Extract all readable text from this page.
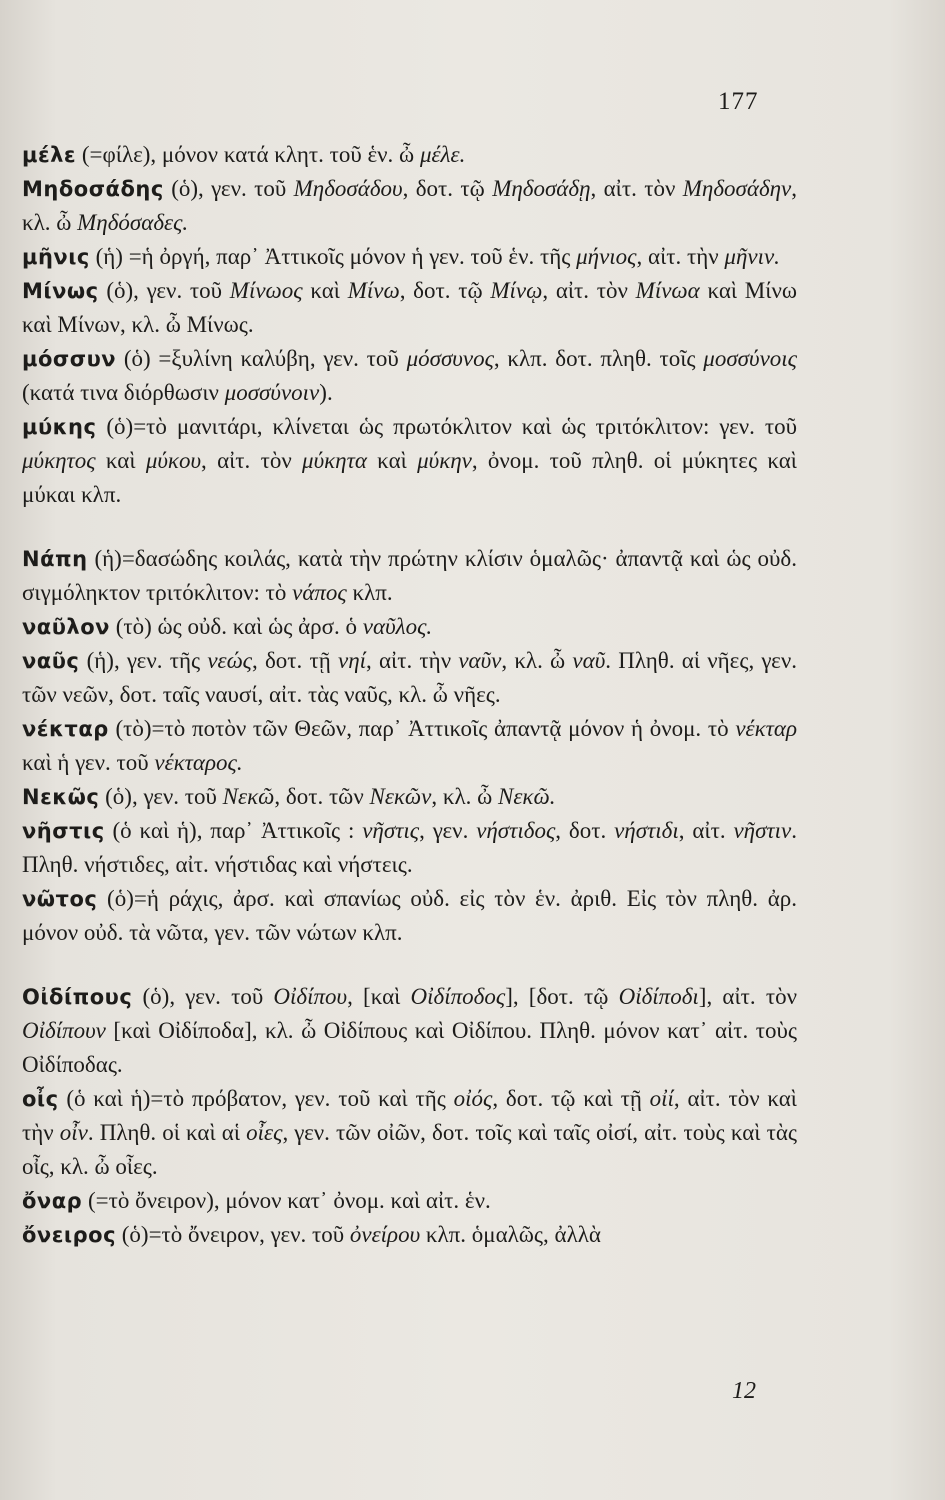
177
μέλε (=φίλε), μόνον κατά κλητ. τοῦ ἑν. ὦ μέλε.
Μηδοσάδης (ὁ), γεν. τοῦ Μηδοσάδου, δοτ. τῷ Μηδοσάδῃ, αἰτ. τὸν Μηδοσάδην, κλ. ὦ Μηδόσαδες.
μῆνις (ἡ) =ἡ ὀργή, παρ᾽ Ἀττικοῖς μόνον ἡ γεν. τοῦ ἑν. τῆς μήνιος, αἰτ. τὴν μῆνιν.
Μίνως (ὁ), γεν. τοῦ Μίνωος καὶ Μίνω, δοτ. τῷ Μίνῳ, αἰτ. τὸν Μίνωα καὶ Μίνω καὶ Μίνων, κλ. ὦ Μίνως.
μόσσυν (ὁ) =ξυλίνη καλύβη, γεν. τοῦ μόσσυνος, κλπ. δοτ. πληθ. τοῖς μοσσύνοις (κατά τινα διόρθωσιν μοσσύνοιν).
μύκης (ὁ)=τὸ μανιτάρι, κλίνεται ὡς πρωτόκλιτον καὶ ὡς τριτόκλιτον: γεν. τοῦ μύκητος καὶ μύκου, αἰτ. τὸν μύκητα καὶ μύκην, ὀνομ. τοῦ πληθ. οἱ μύκητες καὶ μύκαι κλπ.
Νάπη (ἡ)=δασώδης κοιλάς, κατὰ τὴν πρώτην κλίσιν ὁμαλῶς· ἀπαντᾷ καὶ ὡς οὐδ. σιγμόληκτον τριτόκλιτον: τὸ νάπος κλπ.
ναῦλον (τὸ) ὡς οὐδ. καὶ ὡς ἀρσ. ὁ ναῦλος.
ναῦς (ἡ), γεν. τῆς νεώς, δοτ. τῇ νηί, αἰτ. τὴν ναῦν, κλ. ὦ ναῦ. Πληθ. αἱ νῆες, γεν. τῶν νεῶν, δοτ. ταῖς ναυσί, αἰτ. τὰς ναῦς, κλ. ὦ νῆες.
νέκταρ (τὸ)=τὸ ποτὸν τῶν Θεῶν, παρ᾽ Ἀττικοῖς ἀπαντᾷ μόνον ἡ ὀνομ. τὸ νέκταρ καὶ ἡ γεν. τοῦ νέκταρος.
Νεκῶς (ὁ), γεν. τοῦ Νεκῶ, δοτ. τῶν Νεκῶν, κλ. ὦ Νεκῶ.
νῆστις (ὁ καὶ ἡ), παρ᾽ Ἀττικοῖς : νῆστις, γεν. νήστιδος, δοτ. νήστιδι, αἰτ. νῆστιν. Πληθ. νήστιδες, αἰτ. νήστιδας καὶ νήστεις.
νῶτος (ὁ)=ἡ ράχις, ἀρσ. καὶ σπανίως οὐδ. εἰς τὸν ἑν. ἀριθ. Εἰς τὸν πληθ. ἀρ. μόνον οὐδ. τὰ νῶτα, γεν. τῶν νώτων κλπ.
Οἰδίπους (ὁ), γεν. τοῦ Οἰδίπου, [καὶ Οἰδίποδος], [δοτ. τῷ Οἰδίποδι], αἰτ. τὸν Οἰδίπουν [καὶ Οἰδίποδα], κλ. ὦ Οἰδίπους καὶ Οἰδίπου. Πληθ. μόνον κατ᾽ αἰτ. τοὺς Οἰδίποδας.
οἶς (ὁ καὶ ἡ)=τὸ πρόβατον, γεν. τοῦ καὶ τῆς οἰός, δοτ. τῷ καὶ τῇ οἰί, αἰτ. τὸν καὶ τὴν οἶν. Πληθ. οἱ καὶ αἱ οἶες, γεν. τῶν οἰῶν, δοτ. τοῖς καὶ ταῖς οἰσί, αἰτ. τοὺς καὶ τὰς οἶς, κλ. ὦ οἶες.
ὄναρ (=τὸ ὄνειρον), μόνον κατ᾽ ὀνομ. καὶ αἰτ. ἑν.
ὄνειρος (ὁ)=τὸ ὄνειρον, γεν. τοῦ ὀνείρου κλπ. ὁμαλῶς, ἀλλὰ
12
